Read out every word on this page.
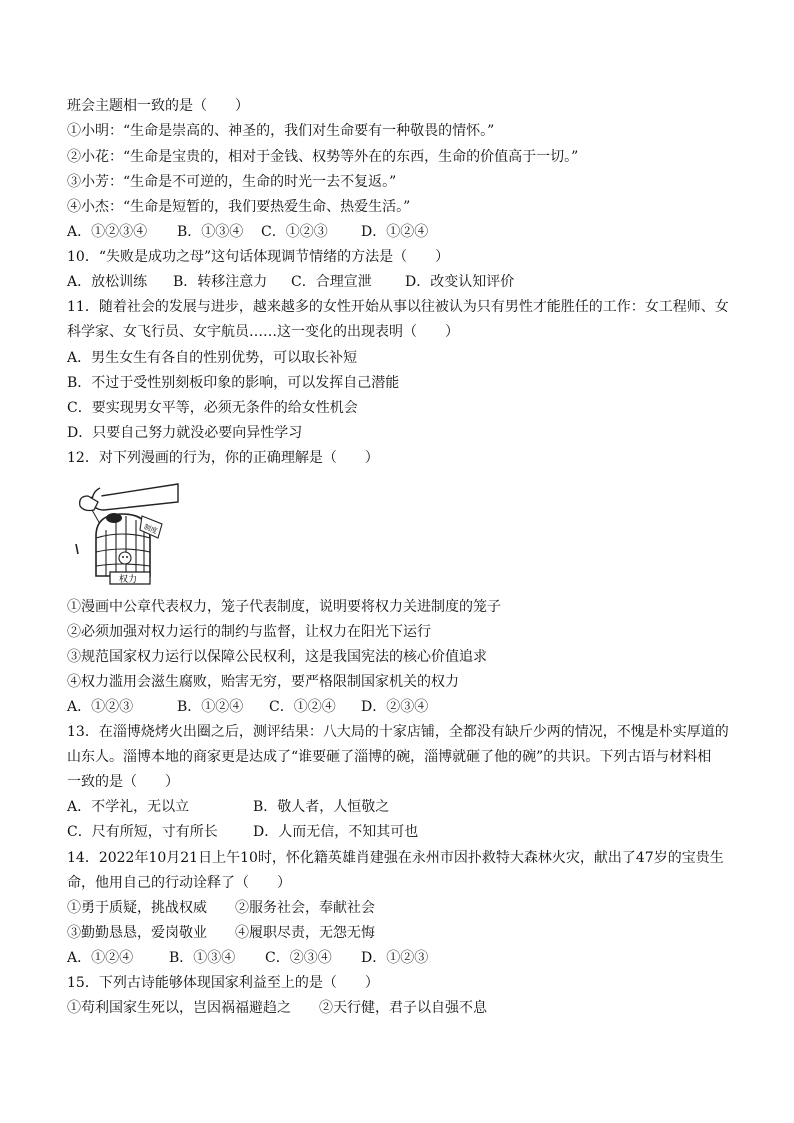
班会主题相一致的是（　　）
①小明：“生命是崇高的、神圣的，我们对生命要有一种敬畏的情怀。”
②小花：“生命是宝贵的，相对于金钱、权势等外在的东西，生命的价值高于一切。”
③小芳：“生命是不可逆的，生命的时光一去不复返。”
④小杰：“生命是短暂的，我们要热爱生命、热爱生活。”
A．①②③④ B．①③④ C．①②③ D．①②④
10．“失败是成功之母”这句话体现调节情绪的方法是（　　）
A．放松训练 B．转移注意力 C．合理宣泄 D．改变认知评价
11．随着社会的发展与进步，越来越多的女性开始从事以往被认为只有男性才能胜任的工作：女工程师、女
科学家、女飞行员、女宇航员……这一变化的出现表明（　　）
A．男生女生有各自的性别优势，可以取长补短
B．不过于受性别刻板印象的影响，可以发挥自己潜能
C．要实现男女平等，必须无条件的给女性机会
D．只要自己努力就没必要向异性学习
12．对下列漫画的行为，你的正确理解是（　　）
制度
权力
①漫画中公章代表权力，笼子代表制度，说明要将权力关进制度的笼子
②必须加强对权力运行的制约与监督，让权力在阳光下运行
③规范国家权力运行以保障公民权利，这是我国宪法的核心价值追求
④权力滥用会滋生腐败，贻害无穷，要严格限制国家机关的权力
A．①②③	B．①②④ C．①②④ D．②③④
13．在淄博烧烤火出圈之后，测评结果：八大局的十家店铺，全都没有缺斤少两的情况，不愧是朴实厚道的
山东人。淄博本地的商家更是达成了“谁要砸了淄博的碗，淄博就砸了他的碗”的共识。下列古语与材料相
一致的是（　　）
A．不学礼，无以立	B．敬人者，人恒敬之
C．尺有所短，寸有所长	D．人而无信，不知其可也
14．2022年10月21日上午10时，怀化籍英雄肖建强在永州市因扑救特大森林火灾，献出了47岁的宝贵生
命，他用自己的行动诠释了（　　）
①勇于质疑，挑战权威　　②服务社会，奉献社会
③勤勤恳恳，爱岗敬业　　④履职尽责，无怨无悔
A．①②④	B．①③④ C．②③④ D．①②③
15．下列古诗能够体现国家利益至上的是（　　）
①苟利国家生死以，岂因祸福避趋之　　②天行健，君子以自强不息
